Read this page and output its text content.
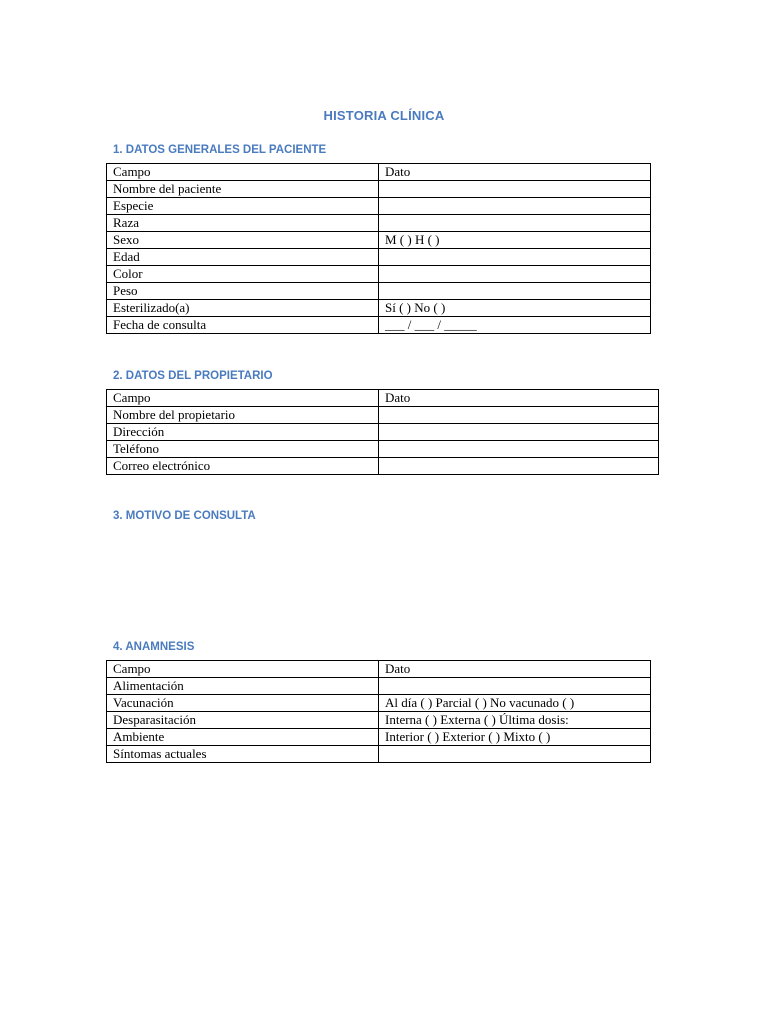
HISTORIA CLÍNICA
1. DATOS GENERALES DEL PACIENTE
Campo	Dato
Nombre del paciente	
Especie	
Raza	
Sexo	M ( ) H ( )
Edad	
Color	
Peso	
Esterilizado(a)	Sí ( ) No ( )
Fecha de consulta	___ / ___ / _____
2. DATOS DEL PROPIETARIO
Campo	Dato
Nombre del propietario	
Dirección	
Teléfono	
Correo electrónico	
3. MOTIVO DE CONSULTA
4. ANAMNESIS
Campo	Dato
Alimentación	
Vacunación	Al día ( ) Parcial ( ) No vacunado ( )
Desparasitación	Interna ( ) Externa ( ) Última dosis:
Ambiente	Interior ( ) Exterior ( ) Mixto ( )
Síntomas actuales	
